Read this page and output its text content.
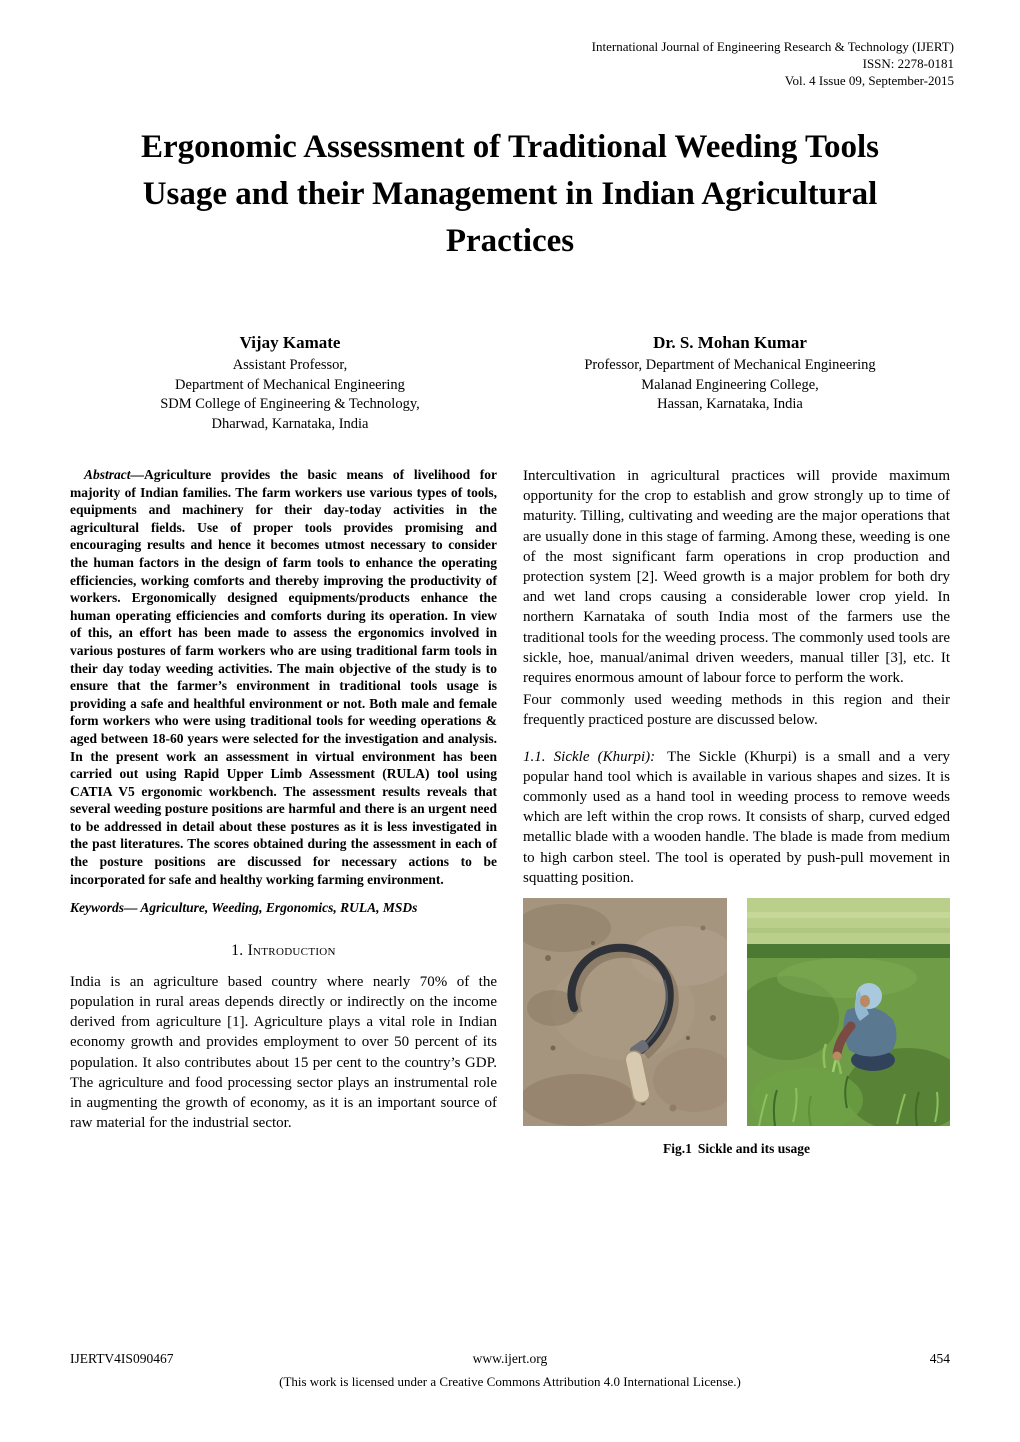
International Journal of Engineering Research & Technology (IJERT)
ISSN: 2278-0181
Vol. 4 Issue 09, September-2015
Ergonomic Assessment of Traditional Weeding Tools Usage and their Management in Indian Agricultural Practices
Vijay Kamate
Assistant Professor,
Department of Mechanical Engineering
SDM College of Engineering & Technology,
Dharwad, Karnataka, India
Dr. S. Mohan Kumar
Professor, Department of Mechanical Engineering
Malanad Engineering College,
Hassan, Karnataka, India

Abstract—Agriculture provides the basic means of livelihood for majority of Indian families. The farm workers use various types of tools, equipments and machinery for their day-today activities in the agricultural fields. Use of proper tools provides promising and encouraging results and hence it becomes utmost necessary to consider the human factors in the design of farm tools to enhance the operating efficiencies, working comforts and thereby improving the productivity of workers. Ergonomically designed equipments/products enhance the human operating efficiencies and comforts during its operation. In view of this, an effort has been made to assess the ergonomics involved in various postures of farm workers who are using traditional farm tools in their day today weeding activities. The main objective of the study is to ensure that the farmer’s environment in traditional tools usage is providing a safe and healthful environment or not. Both male and female form workers who were using traditional tools for weeding operations & aged between 18-60 years were selected for the investigation and analysis. In the present work an assessment in virtual environment has been carried out using Rapid Upper Limb Assessment (RULA) tool using CATIA V5 ergonomic workbench. The assessment results reveals that several weeding posture positions are harmful and there is an urgent need to be addressed in detail about these postures as it is less investigated in the past literatures. The scores obtained during the assessment in each of the posture positions are discussed for necessary actions to be incorporated for safe and healthy working farming environment.

Keywords— Agriculture, Weeding, Ergonomics, RULA, MSDs

1. Introduction

India is an agriculture based country where nearly 70% of the population in rural areas depends directly or indirectly on the income derived from agriculture [1]. Agriculture plays a vital role in Indian economy growth and provides employment to over 50 percent of its population. It also contributes about 15 per cent to the country’s GDP. The agriculture and food processing sector plays an instrumental role in augmenting the growth of economy, as it is an important source of raw material for the industrial sector.

Intercultivation in agricultural practices will provide maximum opportunity for the crop to establish and grow strongly up to time of maturity. Tilling, cultivating and weeding are the major operations that are usually done in this stage of farming. Among these, weeding is one of the most significant farm operations in crop production and protection system [2]. Weed growth is a major problem for both dry and wet land crops causing a considerable lower crop yield. In northern Karnataka of south India most of the farmers use the traditional tools for the weeding process. The commonly used tools are sickle, hoe, manual/animal driven weeders, manual tiller [3], etc. It requires enormous amount of labour force to perform the work.

Four commonly used weeding methods in this region and their frequently practiced posture are discussed below.

1.1. Sickle (Khurpi): The Sickle (Khurpi) is a small and a very popular hand tool which is available in various shapes and sizes. It is commonly used as a hand tool in weeding process to remove weeds which are left within the crop rows. It consists of sharp, curved edged metallic blade with a wooden handle. The blade is made from medium to high carbon steel. The tool is operated by push-pull movement in squatting position.

Fig.1 Sickle and its usage
IJERTV4IS090467	www.ijert.org	454
(This work is licensed under a Creative Commons Attribution 4.0 International License.)
